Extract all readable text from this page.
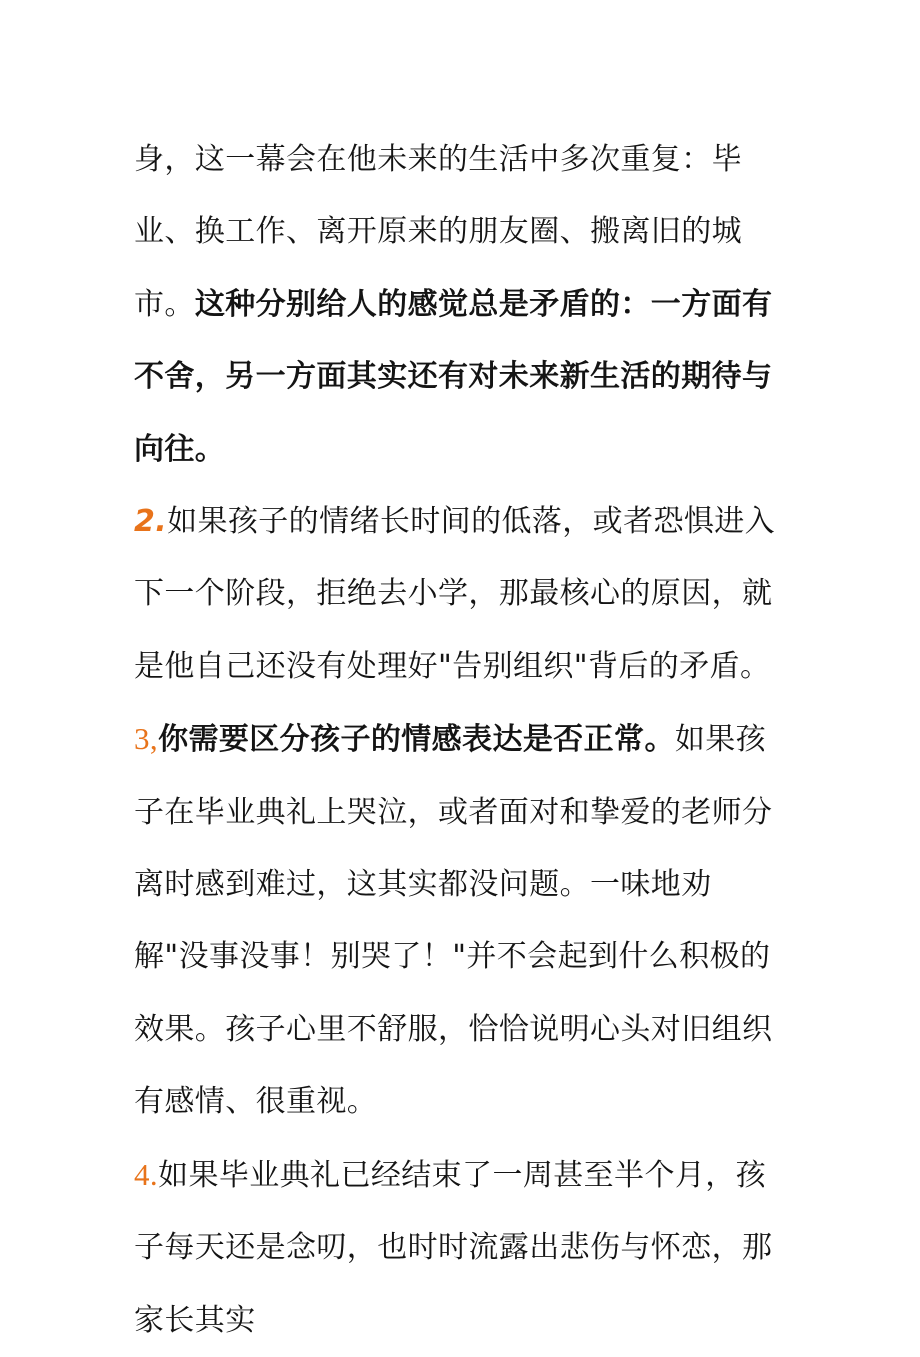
身，这一幕会在他未来的生活中多次重复：毕业、换工作、离开原来的朋友圈、搬离旧的城市。这种分别给人的感觉总是矛盾的：一方面有不舍，另一方面其实还有对未来新生活的期待与向往。

2.如果孩子的情绪长时间的低落，或者恐惧进入下一个阶段，拒绝去小学，那最核心的原因，就是他自己还没有处理好"告别组织"背后的矛盾。

3,你需要区分孩子的情感表达是否正常。如果孩子在毕业典礼上哭泣，或者面对和挚爱的老师分离时感到难过，这其实都没问题。一味地劝解"没事没事！别哭了！"并不会起到什么积极的效果。孩子心里不舒服，恰恰说明心头对旧组织有感情、很重视。

4.如果毕业典礼已经结束了一周甚至半个月，孩子每天还是念叨，也时时流露出悲伤与怀恋，那家长其实
